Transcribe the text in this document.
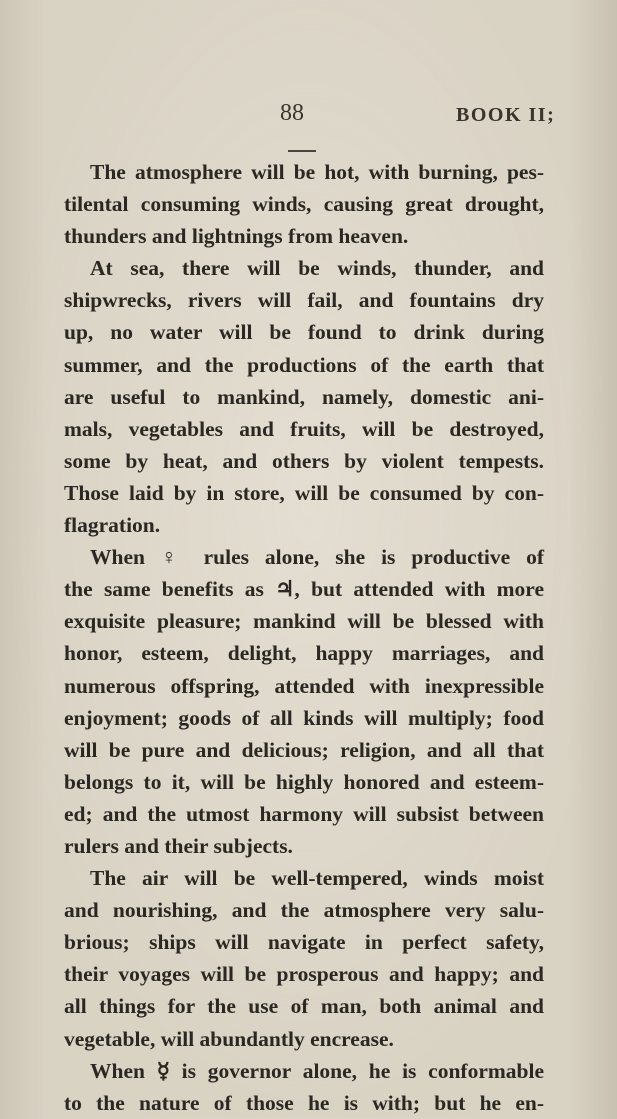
88	BOOK II;
The atmosphere will be hot, with burning, pes-
tilental consuming winds, causing great drought,
thunders and lightnings from heaven.
At sea, there will be winds, thunder, and
shipwrecks, rivers will fail, and fountains dry
up, no water will be found to drink during
summer, and the productions of the earth that
are useful to mankind, namely, domestic ani-
mals, vegetables and fruits, will be destroyed,
some by heat, and others by violent tempests.
Those laid by in store, will be consumed by con-
flagration.
When ♀ rules alone, she is productive of
the same benefits as ♃, but attended with more
exquisite pleasure; mankind will be blessed with
honor, esteem, delight, happy marriages, and
numerous offspring, attended with inexpressible
enjoyment; goods of all kinds will multiply; food
will be pure and delicious; religion, and all that
belongs to it, will be highly honored and esteem-
ed; and the utmost harmony will subsist between
rulers and their subjects.
The air will be well-tempered, winds moist
and nourishing, and the atmosphere very salu-
brious; ships will navigate in perfect safety,
their voyages will be prosperous and happy; and
all things for the use of man, both animal and
vegetable, will abundantly encrease.
When ☿ is governor alone, he is conformable
to the nature of those he is with; but he en-
